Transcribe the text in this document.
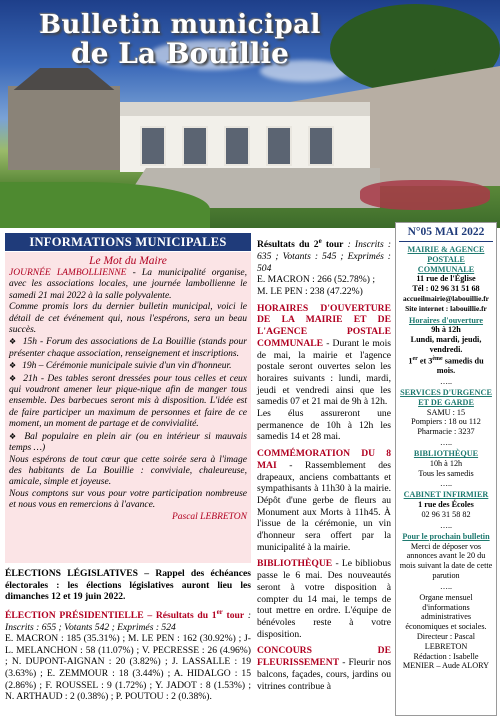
Bulletin municipal
de La Bouillie
INFORMATIONS MUNICIPALES
Le Mot du Maire

JOURNÉE LAMBOLLIENNE - La municipalité organise, avec les associations locales, une journée lambollienne le samedi 21 mai 2022 à la salle polyvalente.

Comme promis lors du dernier bulletin municipal, voici le détail de cet événement qui, nous l'espérons, sera un beau succès.

❖ 15h - Forum des associations de La Bouillie (stands pour présenter chaque association, renseignement et inscriptions.

❖ 19h – Cérémonie municipale suivie d'un vin d'honneur.

❖ 21h - Des tables seront dressées pour tous celles et ceux qui voudront amener leur pique-nique afin de manger tous ensemble. Des barbecues seront mis à disposition. L'idée est de faire participer un maximum de personnes et faire de ce moment, un moment de partage et de convivialité.

❖ Bal populaire en plein air (ou en intérieur si mauvais temps …)

Nous espérons de tout cœur que cette soirée sera à l'image des habitants de La Bouillie : conviviale, chaleureuse, amicale, simple et joyeuse.

Nous comptons sur vous pour votre participation nombreuse et nous vous en remercions à l'avance.

Pascal LEBRETON

ÉLECTIONS LÉGISLATIVES – Rappel des échéances électorales : les élections législatives auront lieu les dimanches 12 et 19 juin 2022.

ÉLECTION PRÉSIDENTIELLE – Résultats du 1er tour : Inscrits : 655 ; Votants 542 ; Exprimés : 524
E. MACRON : 185 (35.31%) ; M. LE PEN : 162 (30.92%) ; J-L. MELANCHON : 58 (11.07%) ; V. PECRESSE : 26 (4.96%) ; N. DUPONT-AIGNAN : 20 (3.82%) ; J. LASSALLE : 19 (3.63%) ; E. ZEMMOUR : 18 (3.44%) ; A. HIDALGO : 15 (2.86%) ; F. ROUSSEL : 9 (1.72%) ; Y. JADOT : 8 (1.53%) ; N. ARTHAUD : 2 (0.38%) ; P. POUTOU : 2 (0.38%).

Résultats du 2e tour : Inscrits : 635 ; Votants : 545 ; Exprimés : 504
E. MACRON : 266 (52.78%) ;
M. LE PEN : 238 (47.22%)

HORAIRES D'OUVERTURE DE LA MAIRIE ET DE L'AGENCE POSTALE COMMUNALE - Durant le mois de mai, la mairie et l'agence postale seront ouvertes selon les horaires suivants : lundi, mardi, jeudi et vendredi ainsi que les samedis 07 et 21 mai de 9h à 12h.
Les élus assureront une permanence de 10h à 12h les samedis 14 et 28 mai.

COMMÉMORATION DU 8 MAI - Rassemblement des drapeaux, anciens combattants et sympathisants à 11h30 à la mairie. Dépôt d'une gerbe de fleurs au Monument aux Morts à 11h45. À l'issue de la cérémonie, un vin d'honneur sera offert par la municipalité à la mairie.

BIBLIOTHÈQUE - Le bibliobus passe le 6 mai. Des nouveautés seront à votre disposition à compter du 14 mai, le temps de tout mettre en ordre. L'équipe de bénévoles reste à votre disposition.

CONCOURS DE FLEURISSEMENT - Fleurir nos balcons, façades, cours, jardins ou vitrines contribue à

N°05 MAI 2022
MAIRIE & AGENCE POSTALE COMMUNALE
11 rue de l'Église
Tél : 02 96 31 51 68
accueilmairie@labouillie.fr
Site internet : labouillie.fr
Horaires d'ouverture
9h à 12h
Lundi, mardi, jeudi, vendredi.
1er et 3ème samedis du mois.
…..
SERVICES D'URGENCE ET DE GARDE
SAMU : 15
Pompiers : 18 ou 112
Pharmacie : 3237
…..
BIBLIOTHÈQUE
10h à 12h
Tous les samedis
…..
CABINET INFIRMIER
1 rue des Écoles
02 96 31 58 82
…..
Pour le prochain bulletin
Merci de déposer vos annonces avant le 20 du mois suivant la date de cette parution
…..
Organe mensuel d'informations administratives économiques et sociales.
Directeur : Pascal LEBRETON
Rédaction : Isabelle MENIER – Aude ALORY
